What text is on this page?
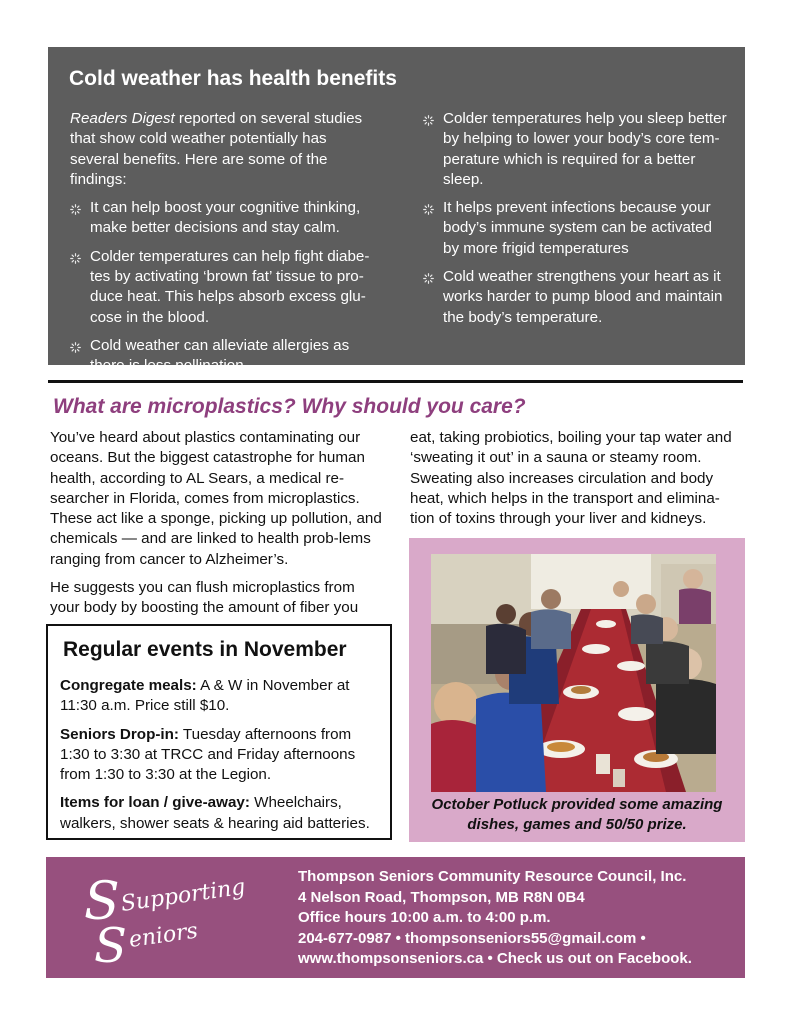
Cold weather has health benefits

Readers Digest reported on several studies that show cold weather potentially has several benefits. Here are some of the findings:

It can help boost your cognitive thinking, make better decisions and stay calm.
Colder temperatures can help fight diabe-tes by activating ‘brown fat’ tissue to pro-duce heat. This helps absorb excess glu-cose in the blood.
Cold weather can alleviate allergies as there is less pollination.
Colder temperatures help you sleep better by helping to lower your body’s core tem-perature which is required for a better sleep.
It helps prevent infections because your body’s immune system can be activated by more frigid temperatures
Cold weather strengthens your heart as it works harder to pump blood and maintain the body’s temperature.
What are microplastics? Why should you care?

You’ve heard about plastics contaminating our oceans. But the biggest catastrophe for human health, according to AL Sears, a medical re-searcher in Florida, comes from microplastics. These act like a sponge, picking up pollution, and chemicals — and are linked to health prob-lems ranging from cancer to Alzheimer’s.

He suggests you can flush microplastics from your body by boosting the amount of fiber you

eat, taking probiotics, boiling your tap water and ‘sweating it out’ in a sauna or steamy room. Sweating also increases circulation and body heat, which helps in the transport and elimina-tion of toxins through your liver and kidneys.

Regular events in November

Congregate meals: A & W in November at 11:30 a.m. Price still $10.

Seniors Drop-in: Tuesday afternoons from 1:30 to 3:30 at TRCC and Friday afternoons from 1:30 to 3:30 at the Legion.

Items for loan / give-away: Wheelchairs, walkers, shower seats & hearing aid batteries.

October Potluck provided some amazing dishes, games and 50/50 prize.

S Supporting
S eniors
Thompson Seniors Community Resource Council, Inc.
4 Nelson Road, Thompson, MB R8N 0B4
Office hours 10:00 a.m. to 4:00 p.m.
204-677-0987 • thompsonseniors55@gmail.com •
www.thompsonseniors.ca • Check us out on Facebook.
